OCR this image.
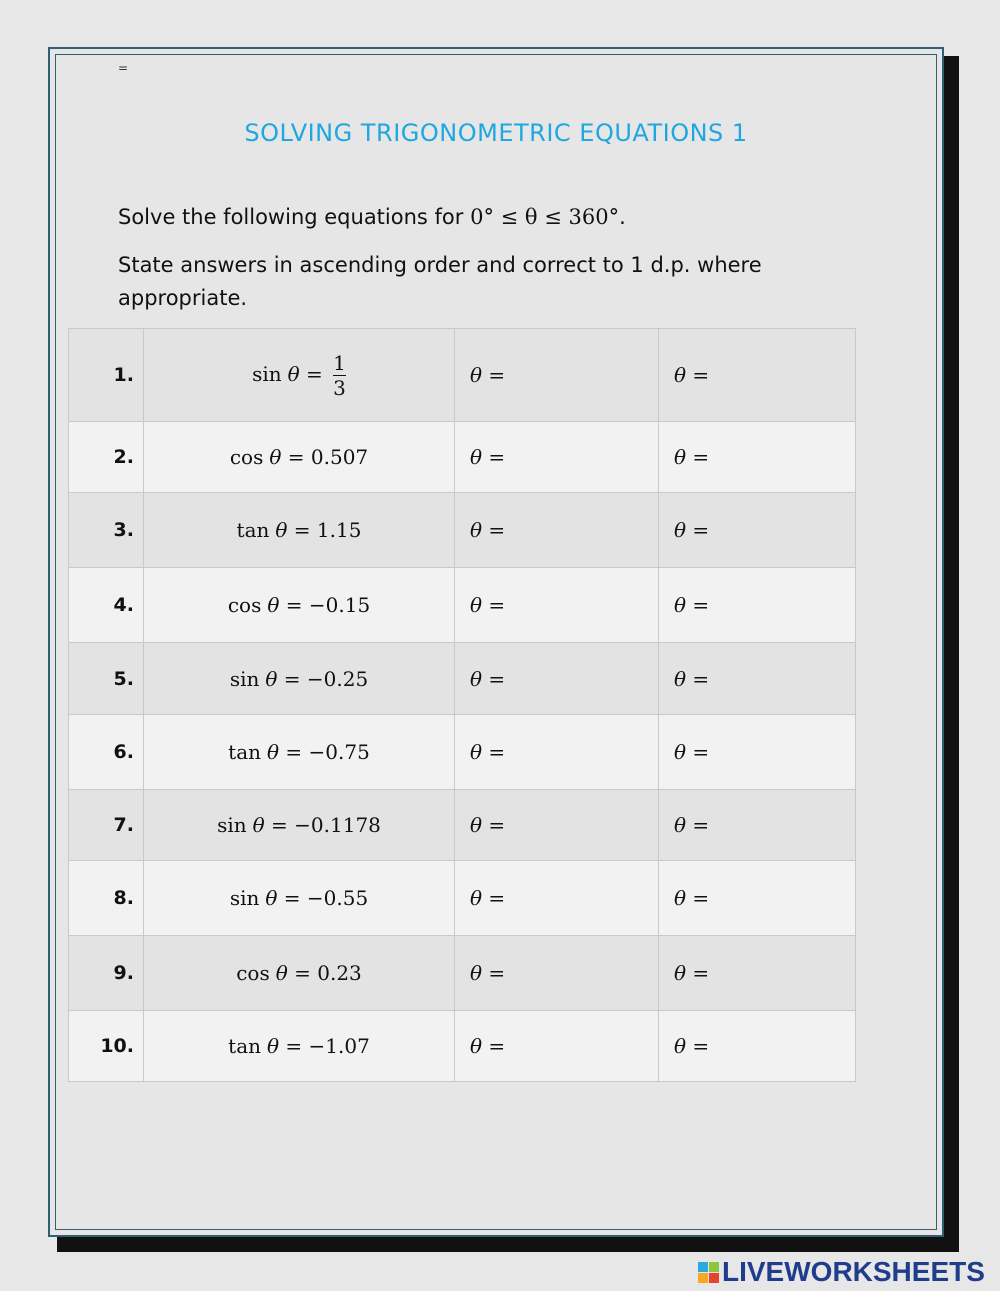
=
SOLVING TRIGONOMETRIC EQUATIONS 1
Solve the following equations for 0° ≤ θ ≤ 360°.
State answers in ascending order and correct to 1 d.p. where appropriate.
1.	$\sin \theta = \frac{1}{3}$	θ =	θ =
2.	cos θ = 0.507	θ =	θ =
3.	tan θ = 1.15	θ =	θ =
4.	cos θ = −0.15	θ =	θ =
5.	sin θ = −0.25	θ =	θ =
6.	tan θ = −0.75	θ =	θ =
7.	sin θ = −0.1178	θ =	θ =
8.	sin θ = −0.55	θ =	θ =
9.	cos θ = 0.23	θ =	θ =
10.	tan θ = −1.07	θ =	θ =
LIVEWORKSHEETS
